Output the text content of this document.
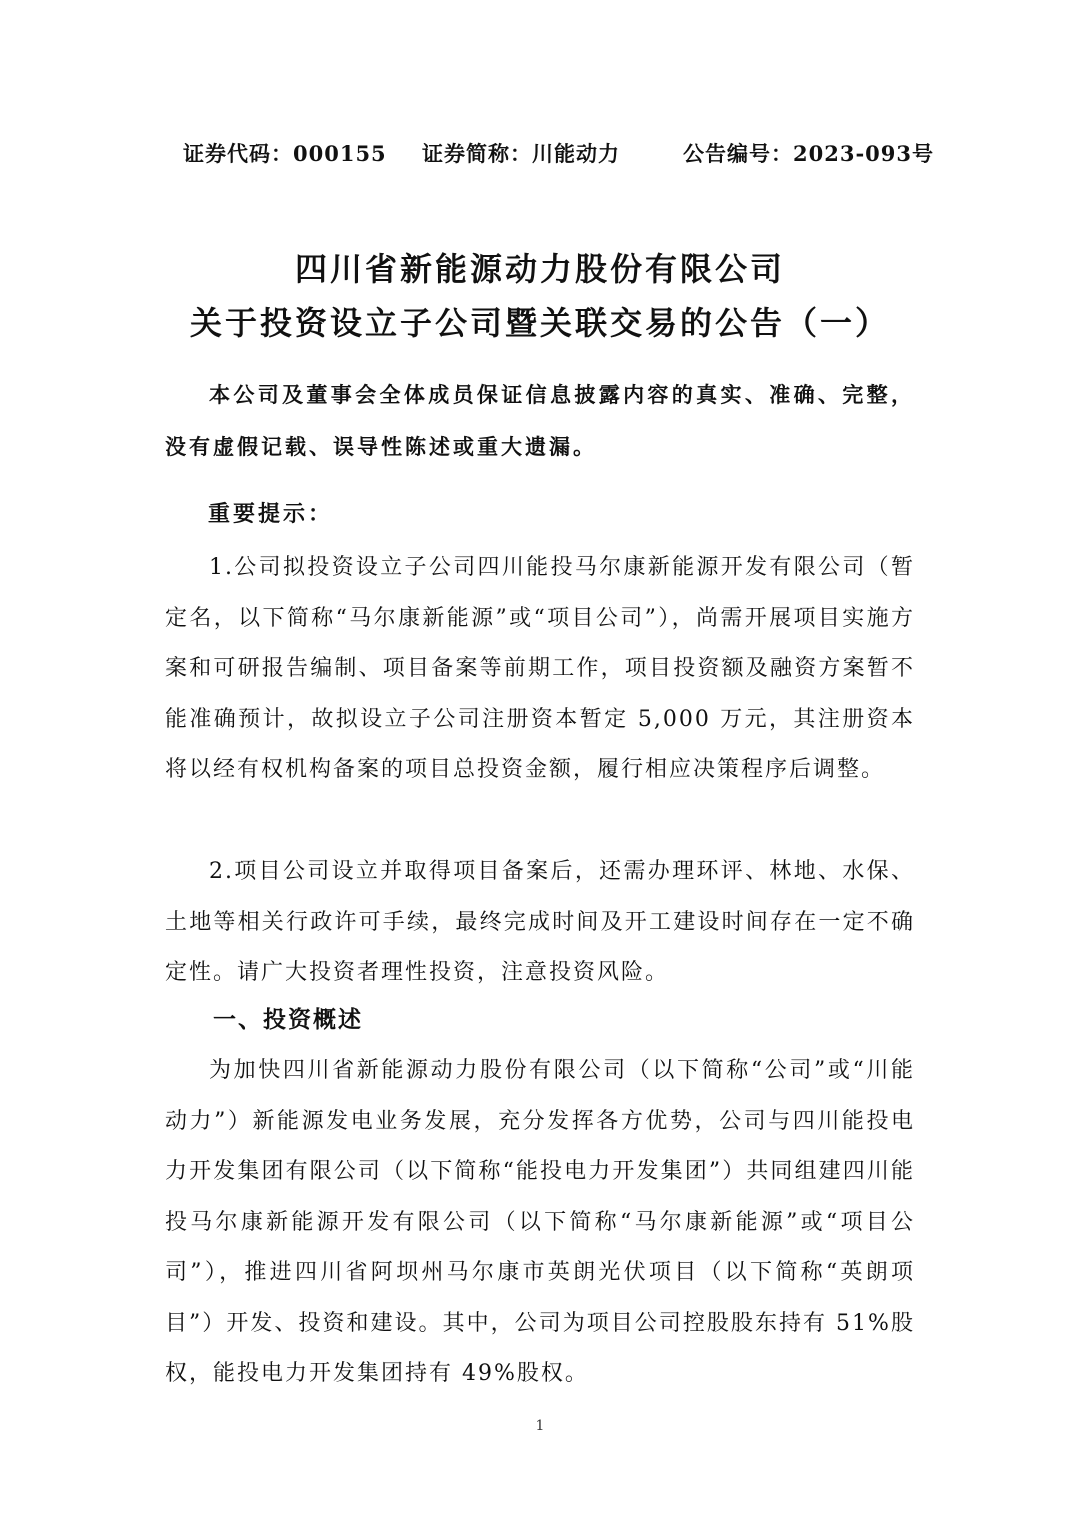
证券代码：000155 证券简称：川能动力	公告编号：2023-093号
四川省新能源动力股份有限公司
关于投资设立子公司暨关联交易的公告（一）

本公司及董事会全体成员保证信息披露内容的真实、准确、完整，没有虚假记载、误导性陈述或重大遗漏。

重要提示：

1.公司拟投资设立子公司四川能投马尔康新能源开发有限公司（暂定名，以下简称“马尔康新能源”或“项目公司”），尚需开展项目实施方案和可研报告编制、项目备案等前期工作，项目投资额及融资方案暂不能准确预计，故拟设立子公司注册资本暂定 5,000 万元，其注册资本将以经有权机构备案的项目总投资金额，履行相应决策程序后调整。

2.项目公司设立并取得项目备案后，还需办理环评、林地、水保、土地等相关行政许可手续，最终完成时间及开工建设时间存在一定不确定性。请广大投资者理性投资，注意投资风险。

一、投资概述

为加快四川省新能源动力股份有限公司（以下简称“公司”或“川能动力”）新能源发电业务发展，充分发挥各方优势，公司与四川能投电力开发集团有限公司（以下简称“能投电力开发集团”）共同组建四川能投马尔康新能源开发有限公司（以下简称“马尔康新能源”或“项目公司”），推进四川省阿坝州马尔康市英朗光伏项目（以下简称“英朗项目”）开发、投资和建设。其中，公司为项目公司控股股东持有 51%股权，能投电力开发集团持有 49%股权。

1
